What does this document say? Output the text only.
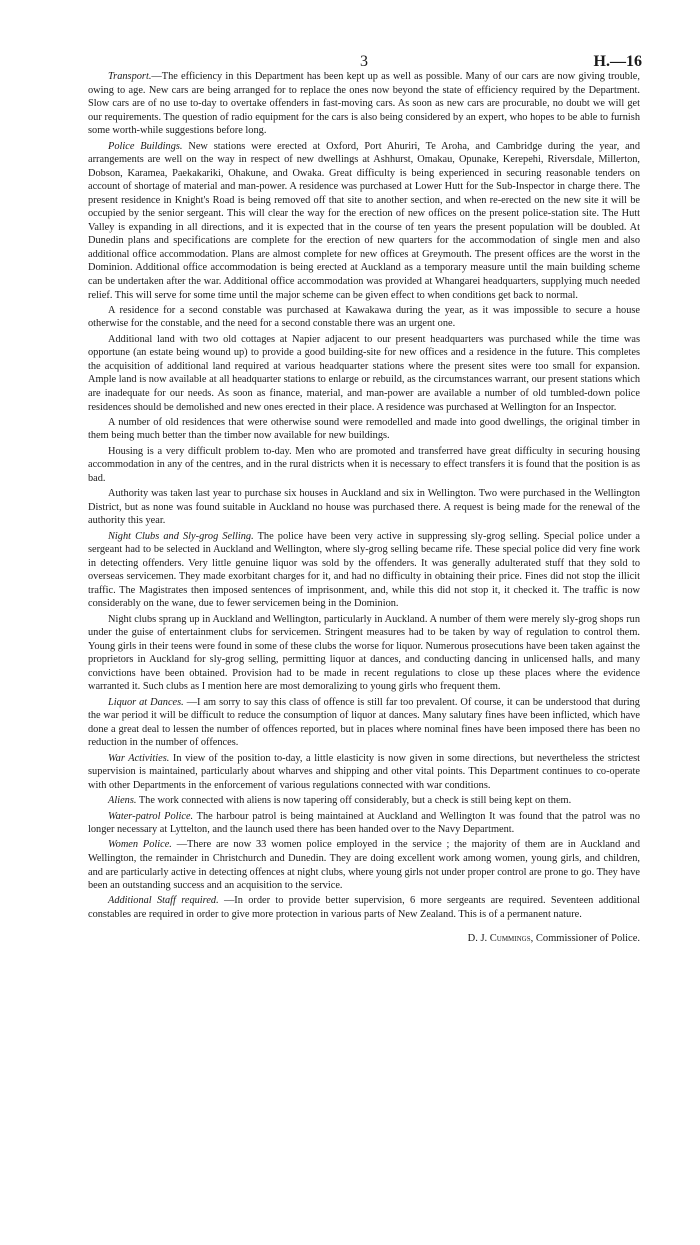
3	H.—16

Transport.—The efficiency in this Department has been kept up as well as possible. Many of our cars are now giving trouble, owing to age. New cars are being arranged for to replace the ones now beyond the state of efficiency required by the Department. Slow cars are of no use to-day to overtake offenders in fast-moving cars. As soon as new cars are procurable, no doubt we will get our requirements. The question of radio equipment for the cars is also being considered by an expert, who hopes to be able to furnish some worth-while suggestions before long.

Police Buildings. New stations were erected at Oxford, Port Ahuriri, Te Aroha, and Cambridge during the year, and arrangements are well on the way in respect of new dwellings at Ashhurst, Omakau, Opunake, Kerepehi, Riversdale, Millerton, Dobson, Karamea, Paekakariki, Ohakune, and Owaka. Great difficulty is being experienced in securing reasonable tenders on account of shortage of material and man-power. A residence was purchased at Lower Hutt for the Sub-Inspector in charge there. The present residence in Knight's Road is being removed off that site to another section, and when re-erected on the new site it will be occupied by the senior sergeant. This will clear the way for the erection of new offices on the present police-station site. The Hutt Valley is expanding in all directions, and it is expected that in the course of ten years the present population will be doubled. At Dunedin plans and specifications are complete for the erection of new quarters for the accommodation of single men and also additional office accommodation. Plans are almost complete for new offices at Greymouth. The present offices are the worst in the Dominion. Additional office accommodation is being erected at Auckland as a temporary measure until the main building scheme can be undertaken after the war. Additional office accommodation was provided at Whangarei headquarters, supplying much needed relief. This will serve for some time until the major scheme can be given effect to when conditions get back to normal.

A residence for a second constable was purchased at Kawakawa during the year, as it was impossible to secure a house otherwise for the constable, and the need for a second constable there was an urgent one.

Additional land with two old cottages at Napier adjacent to our present headquarters was purchased while the time was opportune (an estate being wound up) to provide a good building-site for new offices and a residence in the future. This completes the acquisition of additional land required at various headquarter stations where the present sites were too small for expansion. Ample land is now available at all headquarter stations to enlarge or rebuild, as the circumstances warrant, our present stations which are inadequate for our needs. As soon as finance, material, and man-power are available a number of old tumbled-down police residences should be demolished and new ones erected in their place. A residence was purchased at Wellington for an Inspector.

A number of old residences that were otherwise sound were remodelled and made into good dwellings, the original timber in them being much better than the timber now available for new buildings.

Housing is a very difficult problem to-day. Men who are promoted and transferred have great difficulty in securing housing accommodation in any of the centres, and in the rural districts when it is necessary to effect transfers it is found that the position is as bad.

Authority was taken last year to purchase six houses in Auckland and six in Wellington. Two were purchased in the Wellington District, but as none was found suitable in Auckland no house was purchased there. A request is being made for the renewal of the authority this year.

Night Clubs and Sly-grog Selling. The police have been very active in suppressing sly-grog selling. Special police under a sergeant had to be selected in Auckland and Wellington, where sly-grog selling became rife. These special police did very fine work in detecting offenders. Very little genuine liquor was sold by the offenders. It was generally adulterated stuff that they sold to overseas servicemen. They made exorbitant charges for it, and had no difficulty in obtaining their price. Fines did not stop the illicit traffic. The Magistrates then imposed sentences of imprisonment, and, while this did not stop it, it checked it. The traffic is now considerably on the wane, due to fewer servicemen being in the Dominion.

Night clubs sprang up in Auckland and Wellington, particularly in Auckland. A number of them were merely sly-grog shops run under the guise of entertainment clubs for servicemen. Stringent measures had to be taken by way of regulation to control them. Young girls in their teens were found in some of these clubs the worse for liquor. Numerous prosecutions have been taken against the proprietors in Auckland for sly-grog selling, permitting liquor at dances, and conducting dancing in unlicensed halls, and many convictions have been obtained. Provision had to be made in recent regulations to close up these places where the evidence warranted it. Such clubs as I mention here are most demoralizing to young girls who frequent them.

Liquor at Dances. —I am sorry to say this class of offence is still far too prevalent. Of course, it can be understood that during the war period it will be difficult to reduce the consumption of liquor at dances. Many salutary fines have been inflicted, which have done a great deal to lessen the number of offences reported, but in places where nominal fines have been imposed there has been no reduction in the number of offences.

War Activities. In view of the position to-day, a little elasticity is now given in some directions, but nevertheless the strictest supervision is maintained, particularly about wharves and shipping and other vital points. This Department continues to co-operate with other Departments in the enforcement of various regulations connected with war conditions.

Aliens. The work connected with aliens is now tapering off considerably, but a check is still being kept on them.

Water-patrol Police. The harbour patrol is being maintained at Auckland and Wellington It was found that the patrol was no longer necessary at Lyttelton, and the launch used there has been handed over to the Navy Department.

Women Police. —There are now 33 women police employed in the service ; the majority of them are in Auckland and Wellington, the remainder in Christchurch and Dunedin. They are doing excellent work among women, young girls, and children, and are particularly active in detecting offences at night clubs, where young girls not under proper control are prone to go. They have been an outstanding success and an acquisition to the service.

Additional Staff required. —In order to provide better supervision, 6 more sergeants are required. Seventeen additional constables are required in order to give more protection in various parts of New Zealand. This is of a permanent nature.

D. J. Cummings, Commissioner of Police.
